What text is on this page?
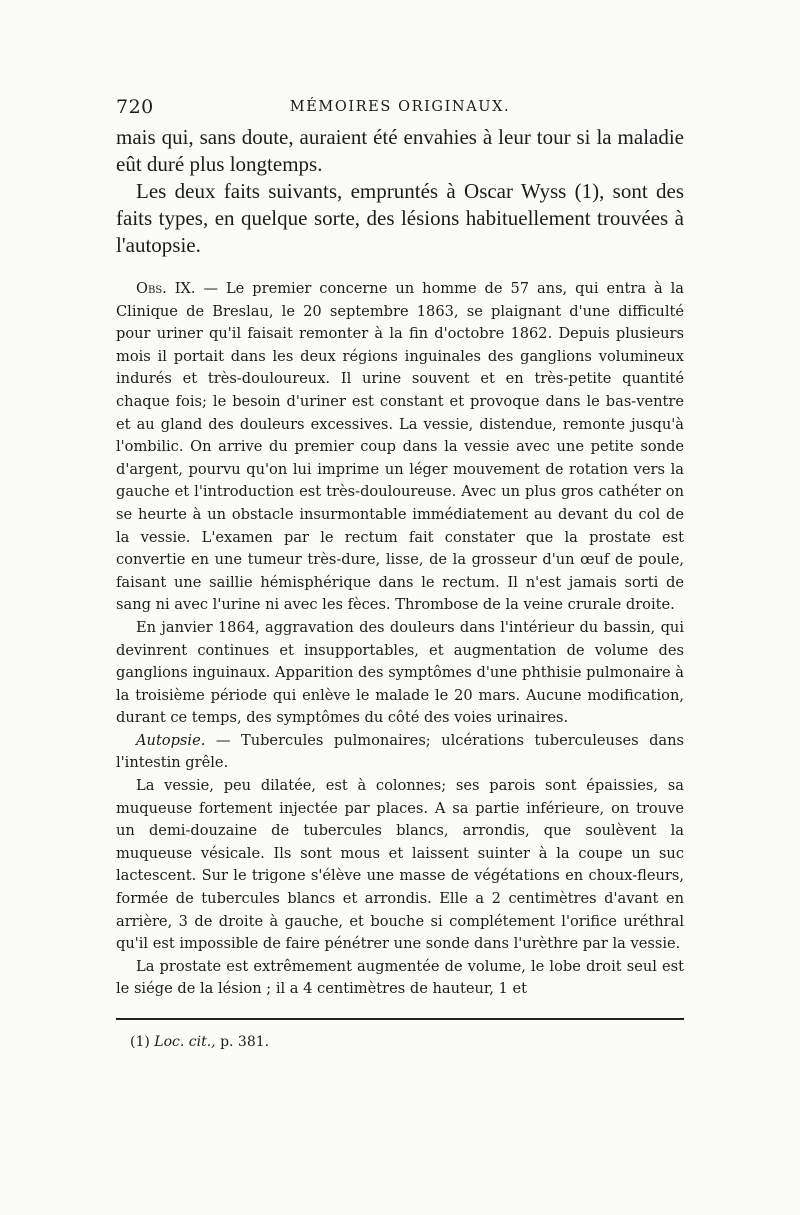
720	MÉMOIRES ORIGINAUX.

mais qui, sans doute, auraient été envahies à leur tour si la maladie eût duré plus longtemps.

Les deux faits suivants, empruntés à Oscar Wyss (1), sont des faits types, en quelque sorte, des lésions habituellement trouvées à l'autopsie.

Obs. IX. — Le premier concerne un homme de 57 ans, qui entra à la Clinique de Breslau, le 20 septembre 1863, se plaignant d'une difficulté pour uriner qu'il faisait remonter à la fin d'octobre 1862. Depuis plusieurs mois il portait dans les deux régions inguinales des ganglions volumineux indurés et très-douloureux. Il urine souvent et en très-petite quantité chaque fois; le besoin d'uriner est constant et provoque dans le bas-ventre et au gland des douleurs excessives. La vessie, distendue, remonte jusqu'à l'ombilic. On arrive du premier coup dans la vessie avec une petite sonde d'argent, pourvu qu'on lui imprime un léger mouvement de rotation vers la gauche et l'introduction est très-douloureuse. Avec un plus gros cathéter on se heurte à un obstacle insurmontable immédiatement au devant du col de la vessie. L'examen par le rectum fait constater que la prostate est convertie en une tumeur très-dure, lisse, de la grosseur d'un œuf de poule, faisant une saillie hémisphérique dans le rectum. Il n'est jamais sorti de sang ni avec l'urine ni avec les fèces. Thrombose de la veine crurale droite.

En janvier 1864, aggravation des douleurs dans l'intérieur du bassin, qui devinrent continues et insupportables, et augmentation de volume des ganglions inguinaux. Apparition des symptômes d'une phthisie pulmonaire à la troisième période qui enlève le malade le 20 mars. Aucune modification, durant ce temps, des symptômes du côté des voies urinaires.

Autopsie. — Tubercules pulmonaires; ulcérations tuberculeuses dans l'intestin grêle.

La vessie, peu dilatée, est à colonnes; ses parois sont épaissies, sa muqueuse fortement injectée par places. A sa partie inférieure, on trouve un demi-douzaine de tubercules blancs, arrondis, que soulèvent la muqueuse vésicale. Ils sont mous et laissent suinter à la coupe un suc lactescent. Sur le trigone s'élève une masse de végétations en choux-fleurs, formée de tubercules blancs et arrondis. Elle a 2 centimètres d'avant en arrière, 3 de droite à gauche, et bouche si complétement l'orifice uréthral qu'il est impossible de faire pénétrer une sonde dans l'urèthre par la vessie.

La prostate est extrêmement augmentée de volume, le lobe droit seul est le siége de la lésion ; il a 4 centimètres de hauteur, 1 et

(1) Loc. cit., p. 381.
